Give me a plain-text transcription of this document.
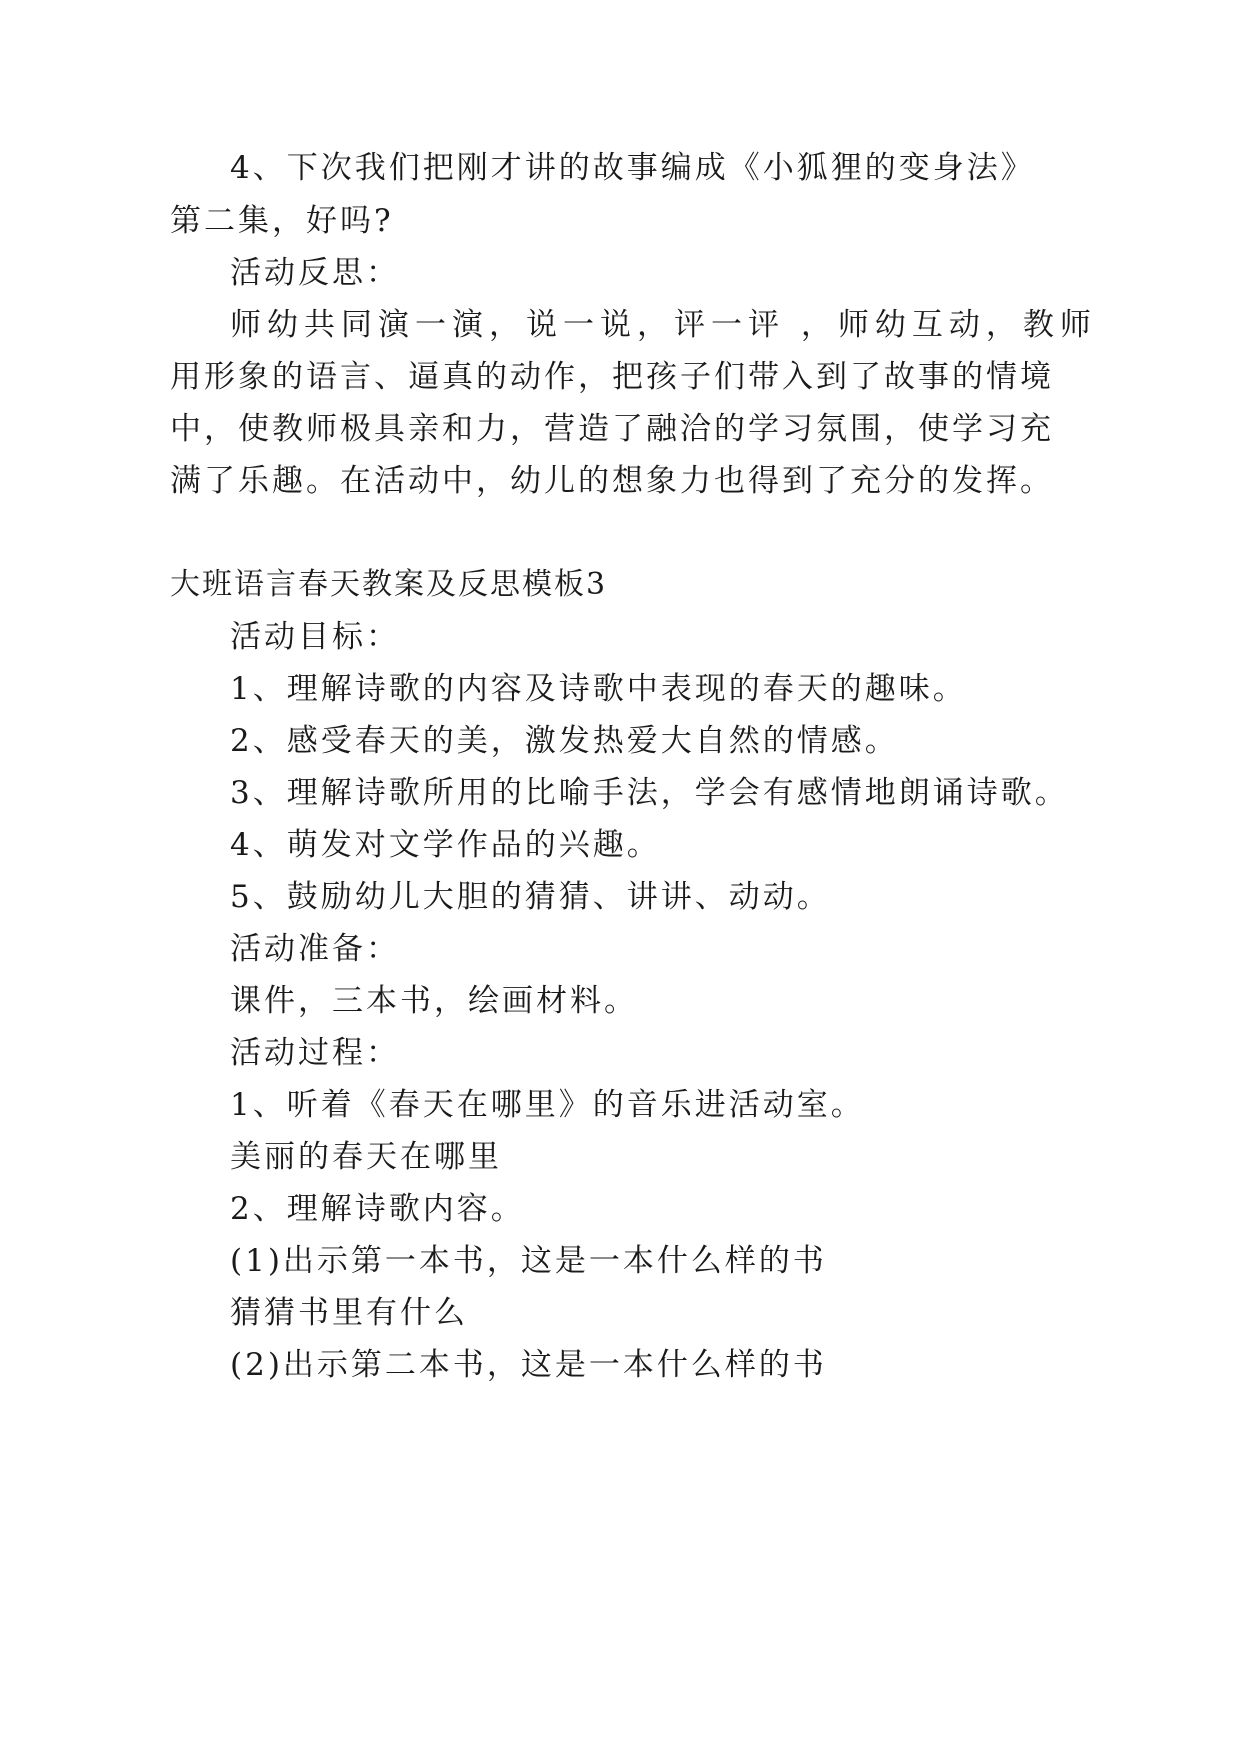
4、下次我们把刚才讲的故事编成《小狐狸的变身法》
第二集，好吗?
活动反思：
师幼共同演一演，说一说，评一评 ，师幼互动，教师
用形象的语言、逼真的动作，把孩子们带入到了故事的情境
中，使教师极具亲和力，营造了融洽的学习氛围，使学习充
满了乐趣。在活动中，幼儿的想象力也得到了充分的发挥。
大班语言春天教案及反思模板3
活动目标：
1、理解诗歌的内容及诗歌中表现的春天的趣味。
2、感受春天的美，激发热爱大自然的情感。
3、理解诗歌所用的比喻手法，学会有感情地朗诵诗歌。
4、萌发对文学作品的兴趣。
5、鼓励幼儿大胆的猜猜、讲讲、动动。
活动准备：
课件，三本书，绘画材料。
活动过程：
1、听着《春天在哪里》的音乐进活动室。
美丽的春天在哪里
2、理解诗歌内容。
(1)出示第一本书，这是一本什么样的书
猜猜书里有什么
(2)出示第二本书，这是一本什么样的书
